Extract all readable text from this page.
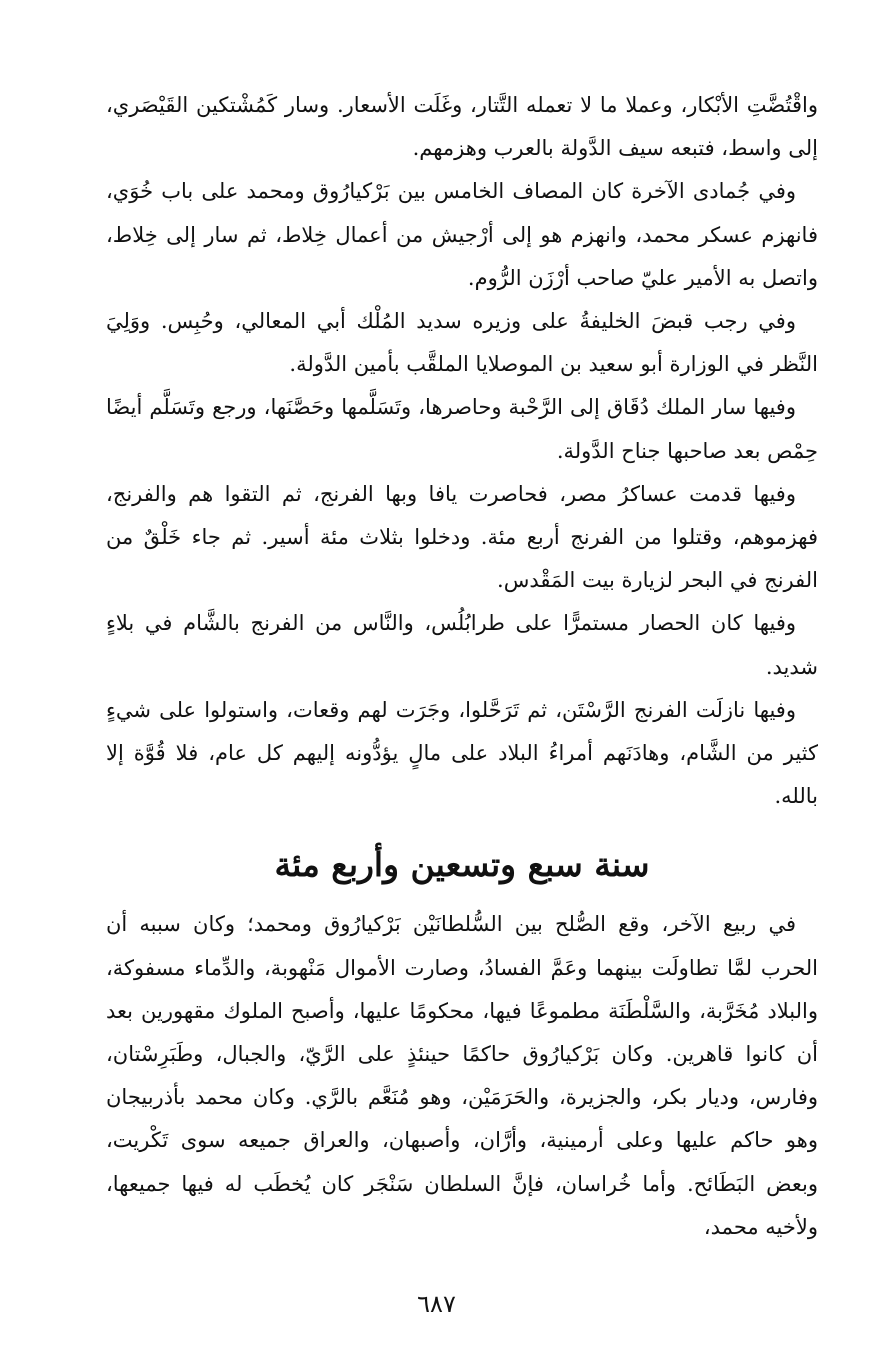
واقْتُضَّتِ الأبْكار، وعملا ما لا تعمله التَّتار، وغَلَت الأسعار. وسار كَمُشْتكين القَيْصَري، إلى واسط، فتبعه سيف الدَّولة بالعرب وهزمهم.

وفي جُمادى الآخرة كان المصاف الخامس بين بَرْكيارُوق ومحمد على باب خُوَي، فانهزم عسكر محمد، وانهزم هو إلى أرْجيش من أعمال خِلاط، ثم سار إلى خِلاط، واتصل به الأمير عليّ صاحب أرْزَن الرُّوم.

وفي رجب قبضَ الخليفةُ على وزيره سديد المُلْك أبي المعالي، وحُبِس. ووَلِيَ النَّظر في الوزارة أبو سعيد بن الموصلايا الملقَّب بأمين الدَّولة.

وفيها سار الملك دُقَاق إلى الرَّحْبة وحاصرها، وتَسَلَّمها وحَصَّنَها، ورجع وتَسَلَّم أيضًا حِمْص بعد صاحبها جناح الدَّولة.

وفيها قدمت عساكرُ مصر، فحاصرت يافا وبها الفرنج، ثم التقوا هم والفرنج، فهزموهم، وقتلوا من الفرنج أربع مئة. ودخلوا بثلاث مئة أسير. ثم جاء خَلْقٌ من الفرنج في البحر لزيارة بيت المَقْدس.

وفيها كان الحصار مستمرًّا على طرابُلُس، والنَّاس من الفرنج بالشَّام في بلاءٍ شديد.

وفيها نازلَت الفرنج الرَّسْتَن، ثم تَرَحَّلوا، وجَرَت لهم وقعات، واستولوا على شيءٍ كثير من الشَّام، وهادَنَهم أمراءُ البلاد على مالٍ يؤدُّونه إليهم كل عام، فلا قُوَّة إلا بالله.

سنة سبع وتسعين وأربع مئة

في ربيع الآخر، وقع الصُّلح بين السُّلطانَيْن بَرْكيارُوق ومحمد؛ وكان سببه أن الحرب لمَّا تطاولَت بينهما وعَمَّ الفسادُ، وصارت الأموال مَنْهوبة، والدِّماء مسفوكة، والبلاد مُخَرَّبة، والسَّلْطَنَة مطموعًا فيها، محكومًا عليها، وأصبح الملوك مقهورين بعد أن كانوا قاهرين. وكان بَرْكيارُوق حاكمًا حينئذٍ على الرَّيّ، والجبال، وطَبَرِسْتان، وفارس، وديار بكر، والجزيرة، والحَرَمَيْن، وهو مُنَعَّم بالرَّي. وكان محمد بأذربيجان وهو حاكم عليها وعلى أرمينية، وأرَّان، وأصبهان، والعراق جميعه سوى تَكْريت، وبعض البَطَائح. وأما خُراسان، فإنَّ السلطان سَنْجَر كان يُخطَب له فيها جميعها، ولأخيه محمد،

٦٨٧
